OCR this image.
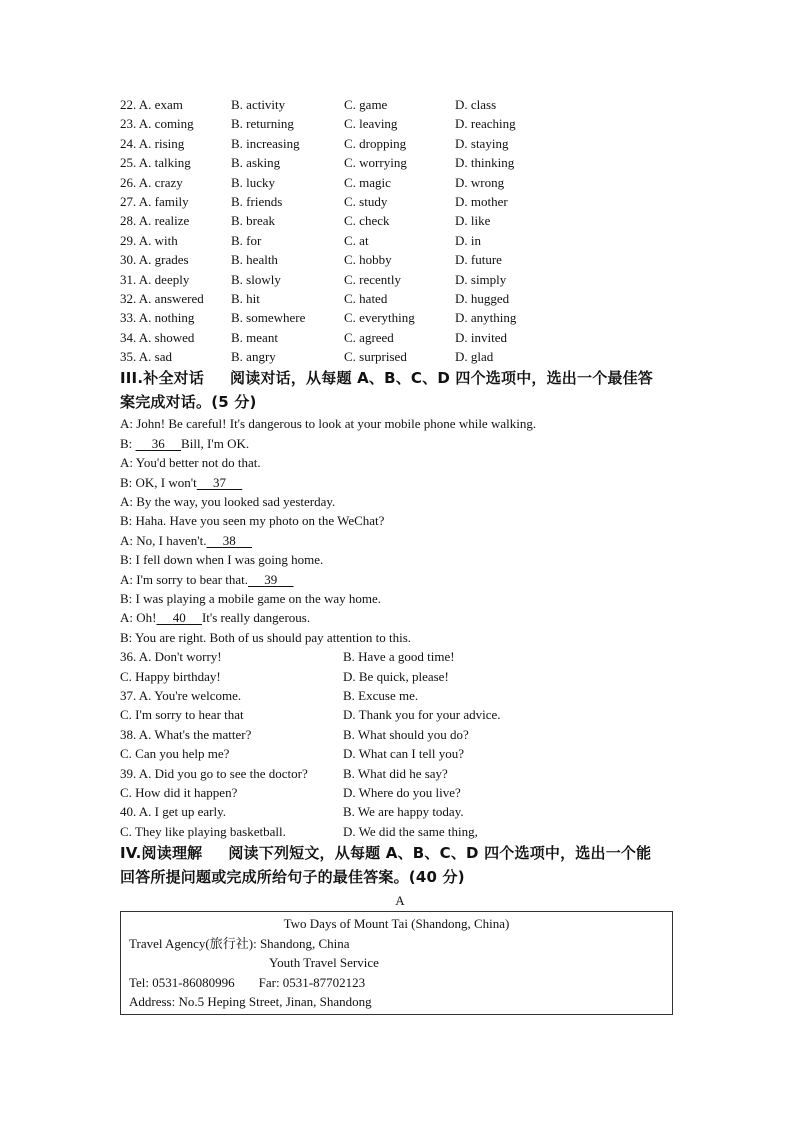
22. A. exam	B. activity	C. game	D. class
23. A. coming	B. returning	C. leaving	D. reaching
24. A. rising	B. increasing	C. dropping	D. staying
25. A. talking	B. asking	C. worrying	D. thinking
26. A. crazy	B. lucky	C. magic	D. wrong
27. A. family	B. friends	C. study	D. mother
28. A. realize	B. break	C. check	D. like
29. A. with	B. for	C. at	D. in
30. A. grades	B. health	C. hobby	D. future
31. A. deeply	B. slowly	C. recently	D. simply
32. A. answered	B. hit	C. hated	D. hugged
33. A. nothing	B. somewhere	C. everything	D. anything
34. A. showed	B. meant	C. agreed	D. invited
35. A. sad	B. angry	C. surprised	D. glad
III.补全对话 阅读对话，从每题 A、B、C、D 四个选项中，选出一个最佳答
案完成对话。(5 分)
A: John! Be careful! It's dangerous to look at your mobile phone while walking.
B:      36 Bill, I'm OK.
A: You'd better not do that.
B: OK, I won't 37
A: By the way, you looked sad yesterday.
B: Haha. Have you seen my photo on the WeChat?
A: No, I haven't. 38
B: I fell down when I was going home.
A: I'm sorry to bear that. 39
B: I was playing a mobile game on the way home.
A: Oh! 40 It's really dangerous.
B: You are right. Both of us should pay attention to this.
36. A. Don't worry!	B. Have a good time!
C. Happy birthday!	D. Be quick, please!
37. A. You're welcome.	B. Excuse me.
C. I'm sorry to hear that	D. Thank you for your advice.
38. A. What's the matter?	B. What should you do?
C. Can you help me?	D. What can I tell you?
39. A. Did you go to see the doctor?	B. What did he say?
C. How did it happen?	D. Where do you live?
40. A. I get up early.	B. We are happy today.
C. They like playing basketball.	D. We did the same thing,
IV.阅读理解 阅读下列短文，从每题 A、B、C、D 四个选项中，选出一个能
回答所提问题或完成所给句子的最佳答案。(40 分)
A
Two Days of Mount Tai (Shandong, China)
Travel Agency(旅行社): Shandong, China
Youth Travel Service
Tel: 0531-86080996 Far: 0531-87702123
Address: No.5 Heping Street, Jinan, Shandong
